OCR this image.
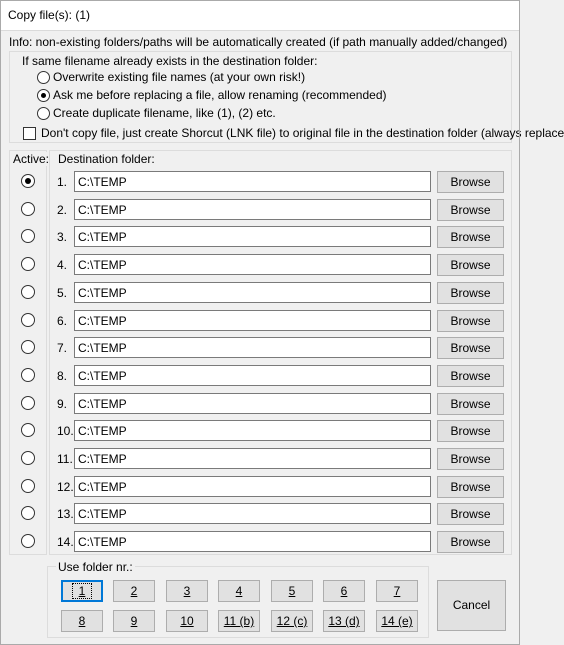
Copy file(s): (1)
Info: non-existing folders/paths will be automatically created (if path manually added/changed)
If same filename already exists in the destination folder:
Overwrite existing file names (at your own risk!)
Ask me before replacing a file, allow renaming (recommended)
Create duplicate filename, like (1), (2) etc.
Don't copy file, just create Shorcut (LNK file) to original file in the destination folder (always replace
Active: Destination folder:
1. C:\TEMP	Browse
2. C:\TEMP	Browse
3. C:\TEMP	Browse
4. C:\TEMP	Browse
5. C:\TEMP	Browse
6. C:\TEMP	Browse
7. C:\TEMP	Browse
8. C:\TEMP	Browse
9. C:\TEMP	Browse
10. C:\TEMP	Browse
11. C:\TEMP	Browse
12. C:\TEMP	Browse
13. C:\TEMP	Browse
14. C:\TEMP	Browse
Use folder nr.:
1	2	3	4	5	6	7
8	9	10	11 (b)	12 (c)	13 (d)	14 (e)
Cancel
